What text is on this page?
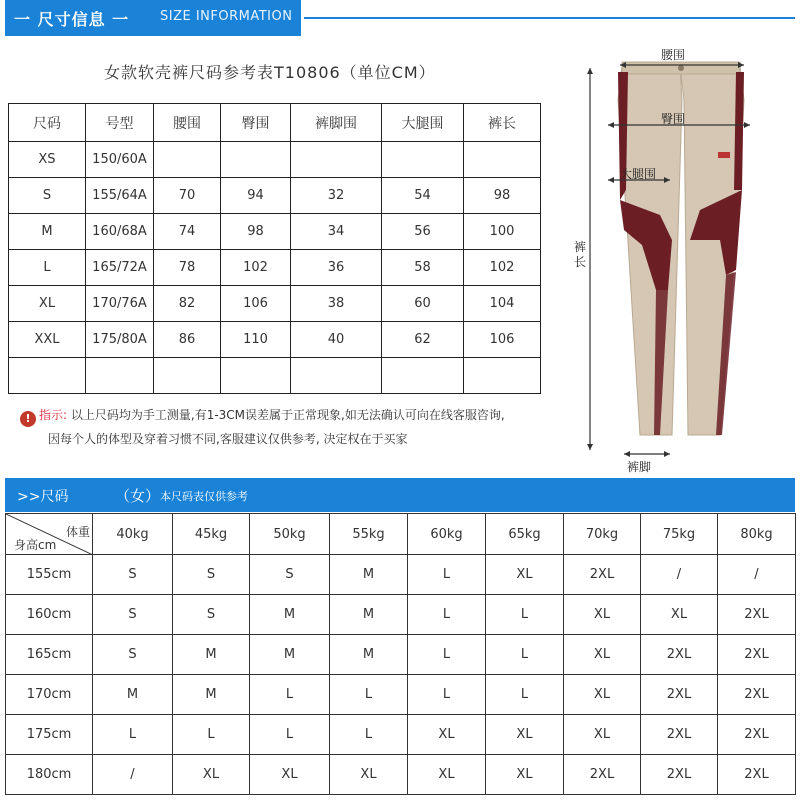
一 尺寸信息 一 SIZE INFORMATION
女款软壳裤尺码参考表T10806（单位CM）
尺码	号型	腰围	臀围	裤脚围	大腿围	裤长
XS	150/60A					
S	155/64A	70	94	32	54	98
M	160/68A	74	98	34	56	100
L	165/72A	78	102	36	58	102
XL	170/76A	82	106	38	60	104
XXL	175/80A	86	110	40	62	106

! 指示: 以上尺码均为手工测量,有1-3CM误差属于正常现象,如无法确认可向在线客服咨询,
因每个人的体型及穿着习惯不同,客服建议仅供参考, 决定权在于买家
腰围
臀围
大腿围
裤
长
裤脚
>>尺码	（女） 本尺码表仅供参考
体重
身高cm	40kg	45kg	50kg	55kg	60kg	65kg	70kg	75kg	80kg
155cm	S	S	S	M	L	XL	2XL	/	/
160cm	S	S	M	M	L	L	XL	XL	2XL
165cm	S	M	M	M	L	L	XL	2XL	2XL
170cm	M	M	L	L	L	L	XL	2XL	2XL
175cm	L	L	L	L	XL	XL	XL	2XL	2XL
180cm	/	XL	XL	XL	XL	XL	2XL	2XL	2XL
